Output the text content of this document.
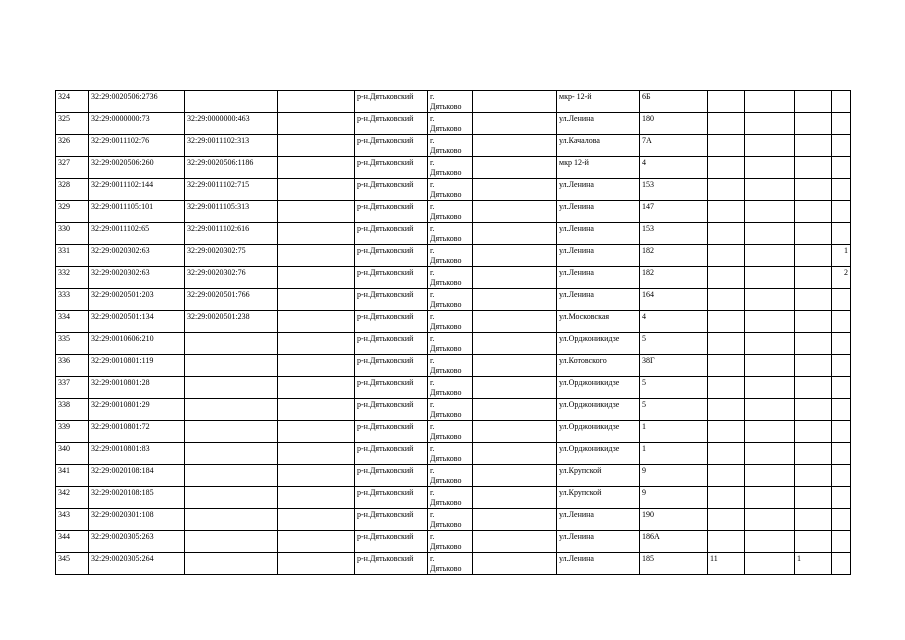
324	32:29:0020506:2736			р-н.Дятьковский	г.
Дятьково		мкр- 12-й	6Б				
325	32:29:0000000:73	32:29:0000000:463		р-н.Дятьковский	г.
Дятьково		ул.Ленина	180				
326	32:29:0011102:76	32:29:0011102:313		р-н.Дятьковский	г.
Дятьково		ул.Качалова	7А				
327	32:29:0020506:260	32:29:0020506:1186		р-н.Дятьковский	г.
Дятьково		мкр 12-й	4				
328	32:29:0011102:144	32:29:0011102:715		р-н.Дятьковский	г.
Дятьково		ул.Ленина	153				
329	32:29:0011105:101	32:29:0011105:313		р-н.Дятьковский	г.
Дятьково		ул.Ленина	147				
330	32:29:0011102:65	32:29:0011102:616		р-н.Дятьковский	г.
Дятьково		ул.Ленина	153				
331	32:29:0020302:63	32:29:0020302:75		р-н.Дятьковский	г.
Дятьково		ул.Ленина	182				1
332	32:29:0020302:63	32:29:0020302:76		р-н.Дятьковский	г.
Дятьково		ул.Ленина	182				2
333	32:29:0020501:203	32:29:0020501:766		р-н.Дятьковский	г.
Дятьково		ул.Ленина	164				
334	32:29:0020501:134	32:29:0020501:238		р-н.Дятьковский	г.
Дятьково		ул.Московская	4				
335	32:29:0010606:210			р-н.Дятьковский	г.
Дятьково		ул.Орджоникидзе	5				
336	32:29:0010801:119			р-н.Дятьковский	г.
Дятьково		ул.Котовского	38Г				
337	32:29:0010801:28			р-н.Дятьковский	г.
Дятьково		ул.Орджоникидзе	5				
338	32:29:0010801:29			р-н.Дятьковский	г.
Дятьково		ул.Орджоникидзе	5				
339	32:29:0010801:72			р-н.Дятьковский	г.
Дятьково		ул.Орджоникидзе	1				
340	32:29:0010801:83			р-н.Дятьковский	г.
Дятьково		ул.Орджоникидзе	1				
341	32:29:0020108:184			р-н.Дятьковский	г.
Дятьково		ул.Крупской	9				
342	32:29:0020108:185			р-н.Дятьковский	г.
Дятьково		ул.Крупской	9				
343	32:29:0020301:108			р-н.Дятьковский	г.
Дятьково		ул.Ленина	190				
344	32:29:0020305:263			р-н.Дятьковский	г.
Дятьково		ул.Ленина	186А				
345	32:29:0020305:264			р-н.Дятьковский	г.
Дятьково		ул.Ленина	185	11		1	
